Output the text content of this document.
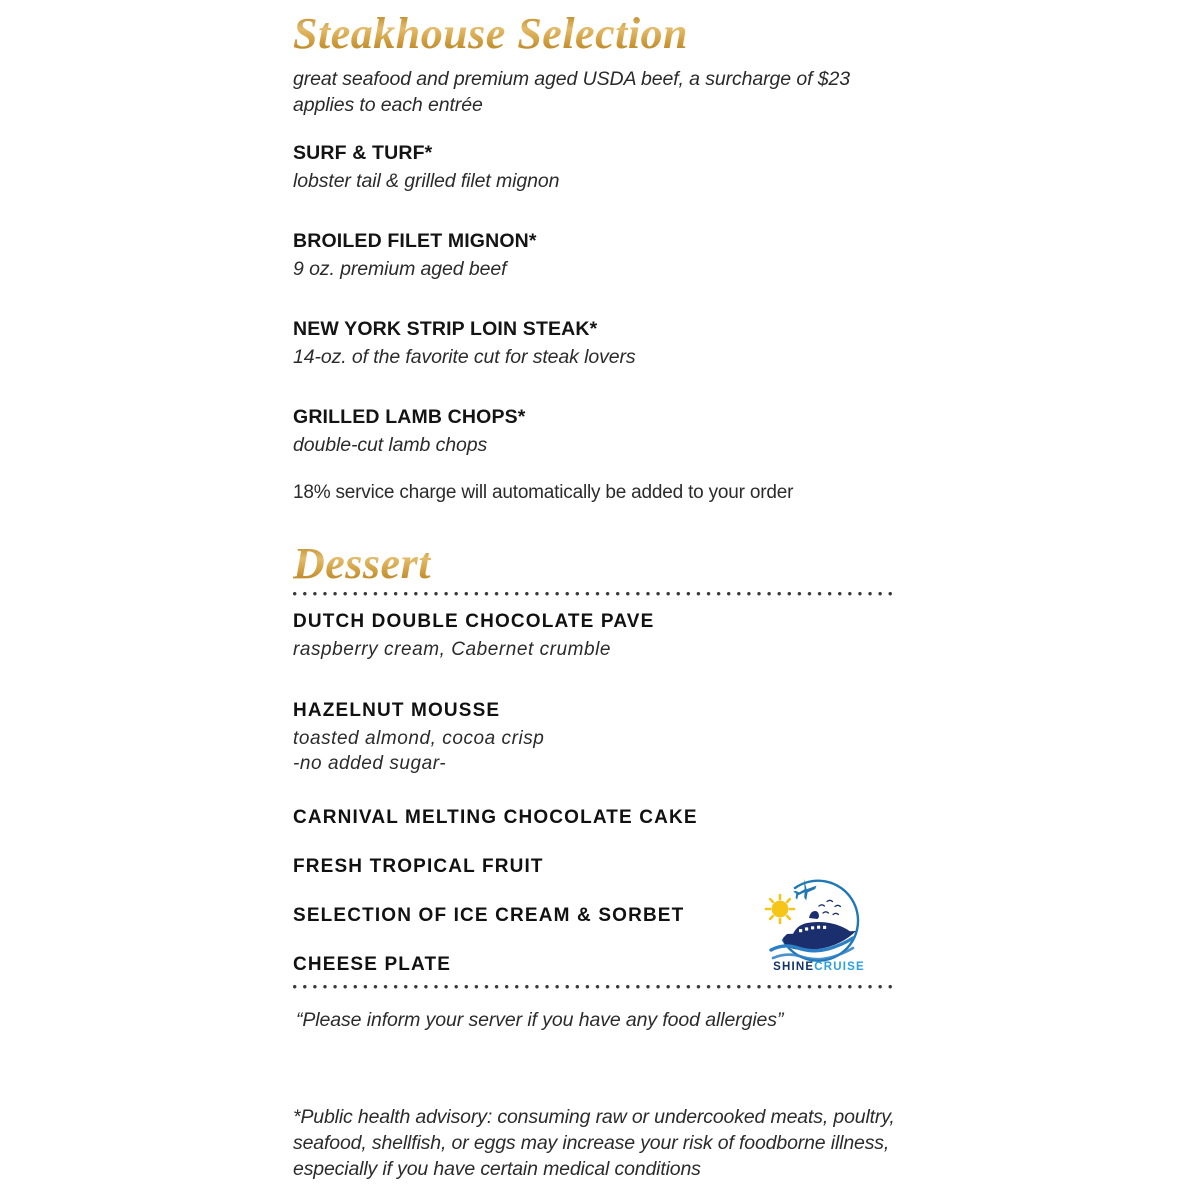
Steakhouse Selection
great seafood and premium aged USDA beef, a surcharge of $23 applies to each entrée
SURF & TURF*
lobster tail & grilled filet mignon
BROILED FILET MIGNON*
9 oz. premium aged beef
NEW YORK STRIP LOIN STEAK*
14-oz. of the favorite cut for steak lovers
GRILLED LAMB CHOPS*
double-cut lamb chops
18% service charge will automatically be added to your order
Dessert
DUTCH DOUBLE CHOCOLATE PAVE
raspberry cream, Cabernet crumble
HAZELNUT MOUSSE
toasted almond, cocoa crisp
-no added sugar-
CARNIVAL MELTING CHOCOLATE CAKE
FRESH TROPICAL FRUIT
SELECTION OF ICE CREAM & SORBET
CHEESE PLATE	SHINECRUISE
“Please inform your server if you have any food allergies”
*Public health advisory: consuming raw or undercooked meats, poultry, seafood, shellfish, or eggs may increase your risk of foodborne illness, especially if you have certain medical conditions
